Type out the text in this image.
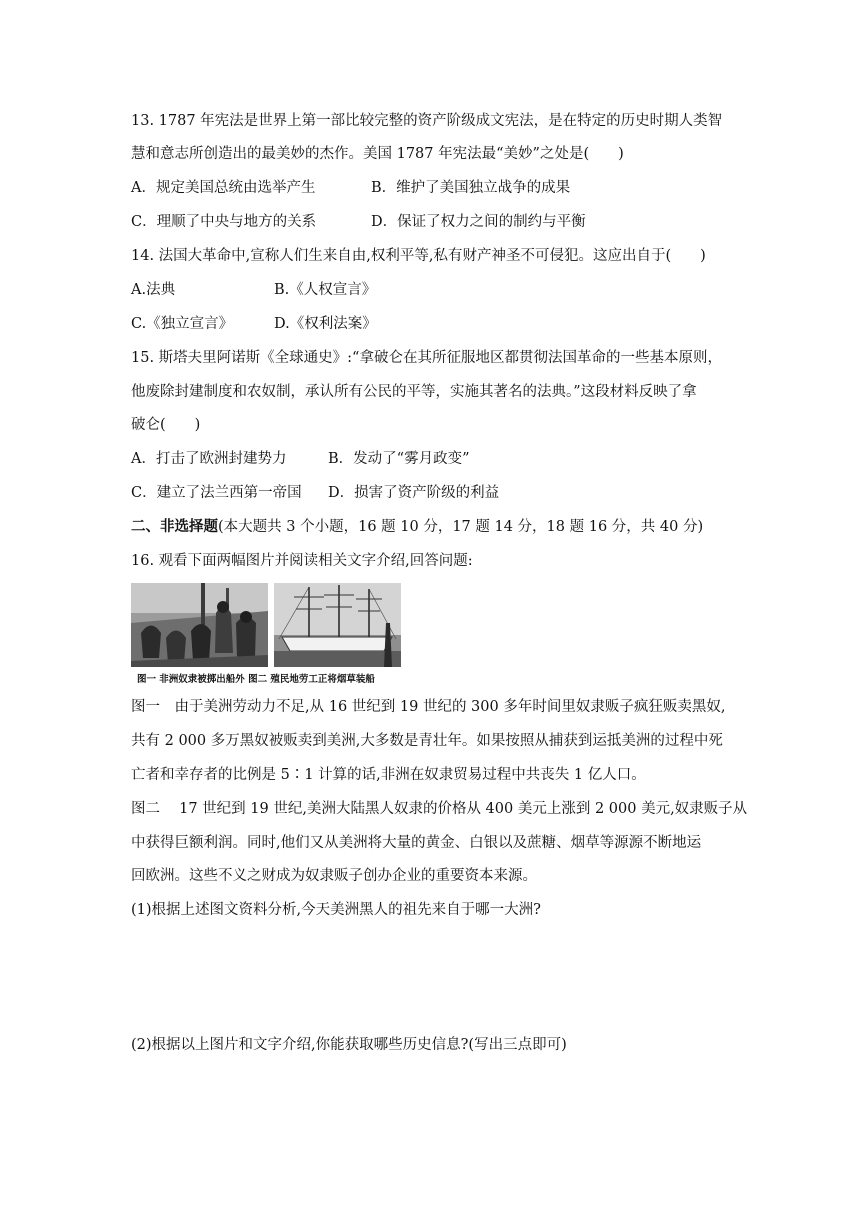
13. 1787 年宪法是世界上第一部比较完整的资产阶级成文宪法，是在特定的历史时期人类智
慧和意志所创造出的最美妙的杰作。美国 1787 年宪法最“美妙”之处是(　　)
A．规定美国总统由选举产生	B．维护了美国独立战争的成果
C．理顺了中央与地方的关系	D．保证了权力之间的制约与平衡
14. 法国大革命中,宣称人们生来自由,权利平等,私有财产神圣不可侵犯。这应出自于(　　)
A.法典	B.《人权宣言》
C.《独立宣言》	D.《权利法案》
15. 斯塔夫里阿诺斯《全球通史》:“拿破仑在其所征服地区都贯彻法国革命的一些基本原则，
他废除封建制度和农奴制，承认所有公民的平等，实施其著名的法典。”这段材料反映了拿
破仑(　　)
A．打击了欧洲封建势力	B．发动了“雾月政变”
C．建立了法兰西第一帝国 D．损害了资产阶级的利益
二、非选择题(本大题共 3 个小题，16 题 10 分，17 题 14 分，18 题 16 分，共 40 分)
16. 观看下面两幅图片并阅读相关文字介绍,回答问题:
图一 非洲奴隶被掷出船外 图二 殖民地劳工正将烟草装船
图一　由于美洲劳动力不足,从 16 世纪到 19 世纪的 300 多年时间里奴隶贩子疯狂贩卖黑奴,
共有 2 000 多万黑奴被贩卖到美洲,大多数是青壮年。如果按照从捕获到运抵美洲的过程中死
亡者和幸存者的比例是 5∶1 计算的话,非洲在奴隶贸易过程中共丧失 1 亿人口。
图二　 17 世纪到 19 世纪,美洲大陆黑人奴隶的价格从 400 美元上涨到 2 000 美元,奴隶贩子从
中获得巨额利润。同时,他们又从美洲将大量的黄金、白银以及蔗糖、烟草等源源不断地运
回欧洲。这些不义之财成为奴隶贩子创办企业的重要资本来源。
(1)根据上述图文资料分析,今天美洲黑人的祖先来自于哪一大洲?
(2)根据以上图片和文字介绍,你能获取哪些历史信息?(写出三点即可)
